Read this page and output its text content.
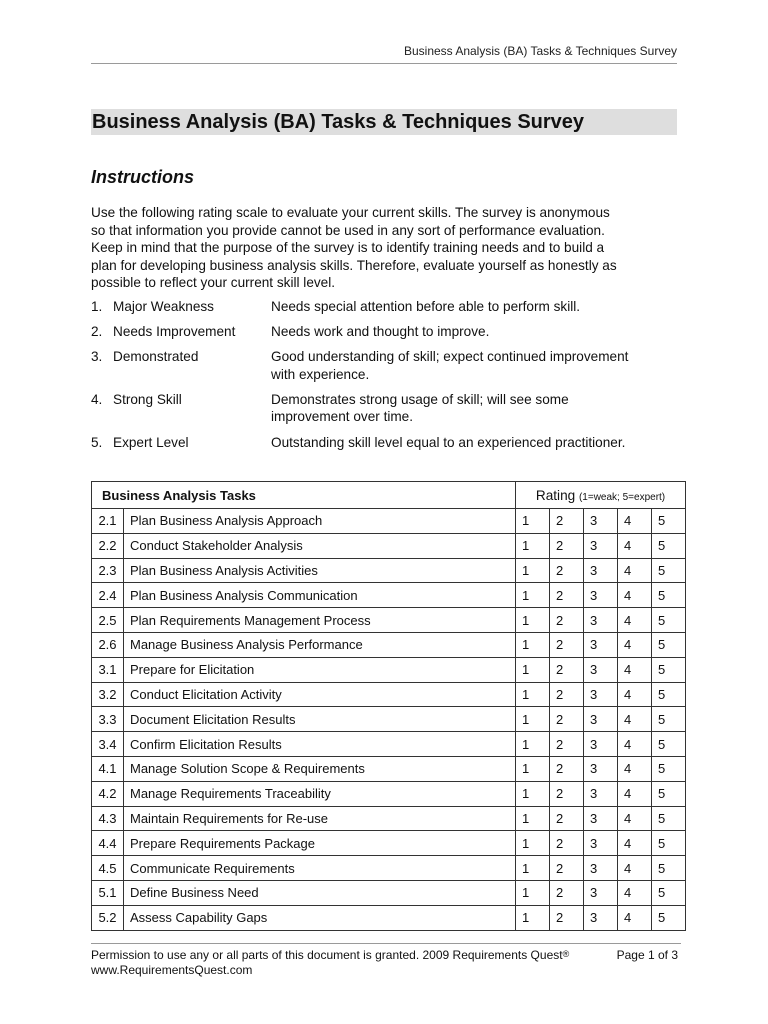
Business Analysis (BA) Tasks & Techniques Survey
Business Analysis (BA) Tasks & Techniques Survey
Instructions
Use the following rating scale to evaluate your current skills. The survey is anonymous
so that information you provide cannot be used in any sort of performance evaluation.
Keep in mind that the purpose of the survey is to identify training needs and to build a
plan for developing business analysis skills. Therefore, evaluate yourself as honestly as
possible to reflect your current skill level.
1. Major Weakness	Needs special attention before able to perform skill.
2. Needs Improvement	Needs work and thought to improve.
3. Demonstrated	Good understanding of skill; expect continued improvement
with experience.
4. Strong Skill	Demonstrates strong usage of skill; will see some
improvement over time.
5. Expert Level	Outstanding skill level equal to an experienced practitioner.
Business Analysis Tasks		Rating (1=weak; 5=expert)				
2.1	Plan Business Analysis Approach	1	2	3	4	5
2.2	Conduct Stakeholder Analysis	1	2	3	4	5
2.3	Plan Business Analysis Activities	1	2	3	4	5
2.4	Plan Business Analysis Communication	1	2	3	4	5
2.5	Plan Requirements Management Process	1	2	3	4	5
2.6	Manage Business Analysis Performance	1	2	3	4	5
3.1	Prepare for Elicitation	1	2	3	4	5
3.2	Conduct Elicitation Activity	1	2	3	4	5
3.3	Document Elicitation Results	1	2	3	4	5
3.4	Confirm Elicitation Results	1	2	3	4	5
4.1	Manage Solution Scope & Requirements	1	2	3	4	5
4.2	Manage Requirements Traceability	1	2	3	4	5
4.3	Maintain Requirements for Re-use	1	2	3	4	5
4.4	Prepare Requirements Package	1	2	3	4	5
4.5	Communicate Requirements	1	2	3	4	5
5.1	Define Business Need	1	2	3	4	5
5.2	Assess Capability Gaps	1	2	3	4	5
Permission to use any or all parts of this document is granted. 2009 Requirements Quest®
www.RequirementsQuest.com
Page 1 of 3
